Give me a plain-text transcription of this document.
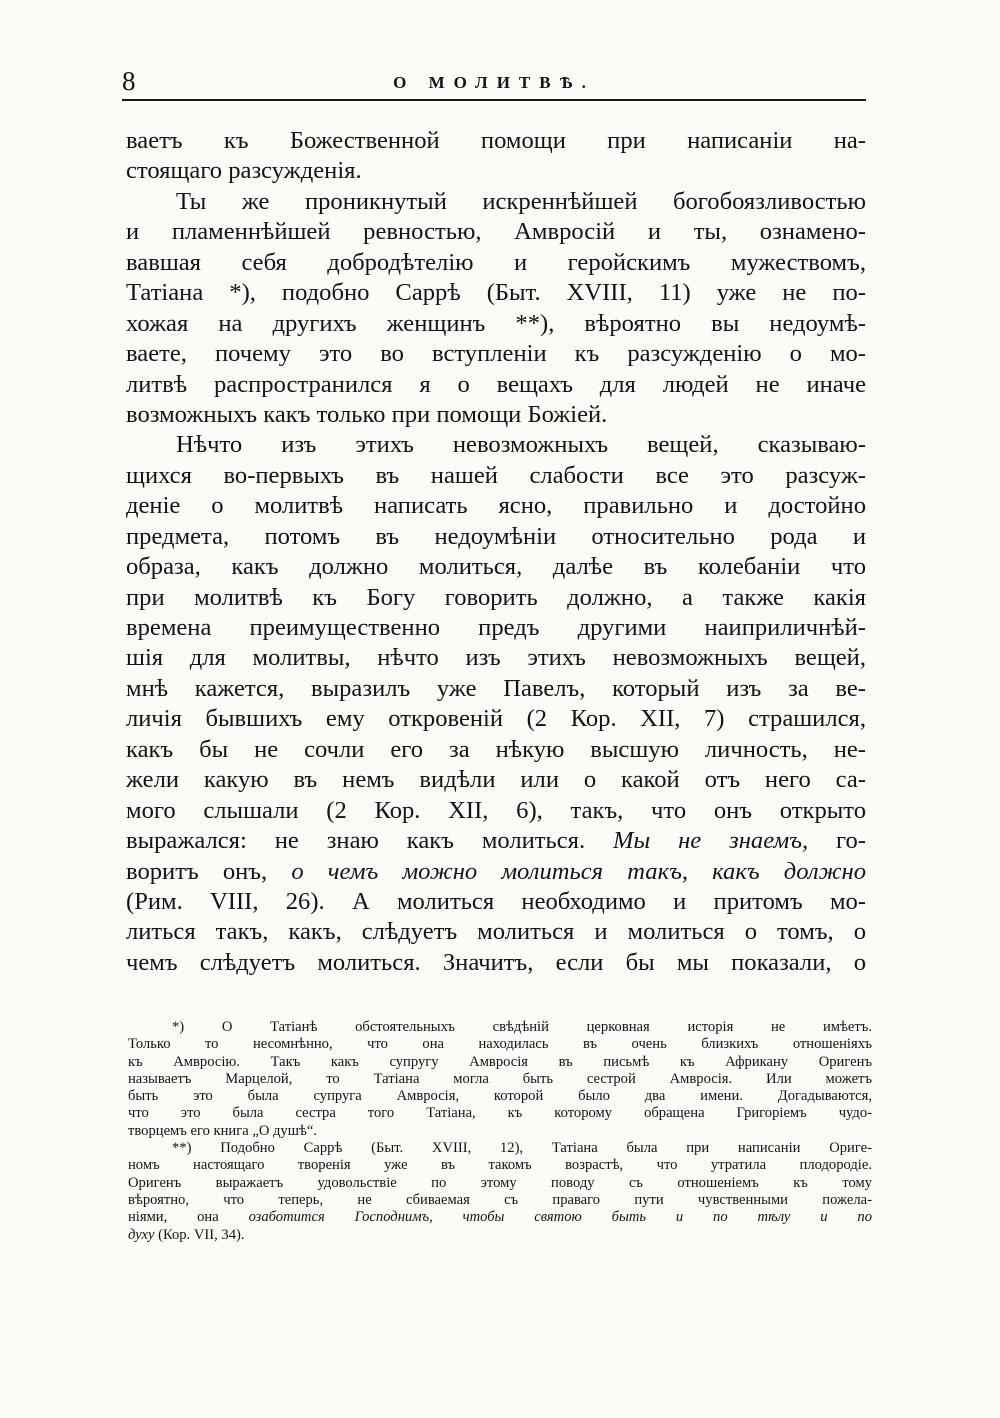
8	О МОЛИТВѢ.
ваетъ къ Божественной помощи при написанiи на-
стоящаго разсужденiя.
Ты же проникнутый искреннѣйшей богобоязливостью
и пламеннѣйшей ревностью, Амвросiй и ты, ознамено-
вавшая себя добродѣтелiю и геройскимъ мужествомъ,
Татiана *), подобно Саррѣ (Быт. XVIII, 11) уже не по-
хожая на другихъ женщинъ **), вѣроятно вы недоумѣ-
ваете, почему это во вступленiи къ разсужденiю о мо-
литвѣ распространился я о вещахъ для людей не иначе
возможныхъ какъ только при помощи Божiей.
Нѣчто изъ этихъ невозможныхъ вещей, сказываю-
щихся во-первыхъ въ нашей слабости все это разсуж-
денiе о молитвѣ написать ясно, правильно и достойно
предмета, потомъ въ недоумѣнiи относительно рода и
образа, какъ должно молиться, далѣе въ колебанiи что
при молитвѣ къ Богу говорить должно, а также какiя
времена преимущественно предъ другими наиприличнѣй-
шiя для молитвы, нѣчто изъ этихъ невозможныхъ вещей,
мнѣ кажется, выразилъ уже Павелъ, который изъ за ве-
личiя бывшихъ ему откровенiй (2 Кор. XII, 7) страшился,
какъ бы не сочли его за нѣкую высшую личность, не-
жели какую въ немъ видѣли или о какой отъ него са-
мого слышали (2 Кор. XII, 6), такъ, что онъ открыто
выражался: не знаю какъ молиться. Мы не знаемъ, го-
воритъ онъ, о чемъ можно молиться такъ, какъ должно
(Рим. VIII, 26). А молиться необходимо и притомъ мо-
литься такъ, какъ, слѣдуетъ молиться и молиться о томъ, о
чемъ слѣдуетъ молиться. Значитъ, если бы мы показали, о
*) О Татiанѣ обстоятельныхъ свѣдѣнiй церковная исторiя не имѣетъ.
Только то несомнѣнно, что она находилась въ очень близкихъ отношенiяхъ
къ Амвросiю. Такъ какъ супругу Амвросiя въ письмѣ къ Африкану Оригенъ
называетъ Марцелой, то Татiана могла быть сестрой Амвросiя. Или можетъ
быть это была супруга Амвросiя, которой было два имени. Догадываются,
что это была сестра того Татiана, къ которому обращена Григорiемъ чудо-
творцемъ его книга „О душѣ“.
**) Подобно Саррѣ (Быт. XVIII, 12), Татiана была при написанiи Ориге-
номъ настоящаго творенiя уже въ такомъ возрастѣ, что утратила плодородiе.
Оригенъ выражаетъ удовольствiе по этому поводу съ отношенiемъ къ тому
вѣроятно, что теперь, не сбиваемая съ праваго пути чувственными пожела-
нiями, она озаботится Господнимъ, чтобы святою быть и по тѣлу и по
духу (Кор. VII, 34).
